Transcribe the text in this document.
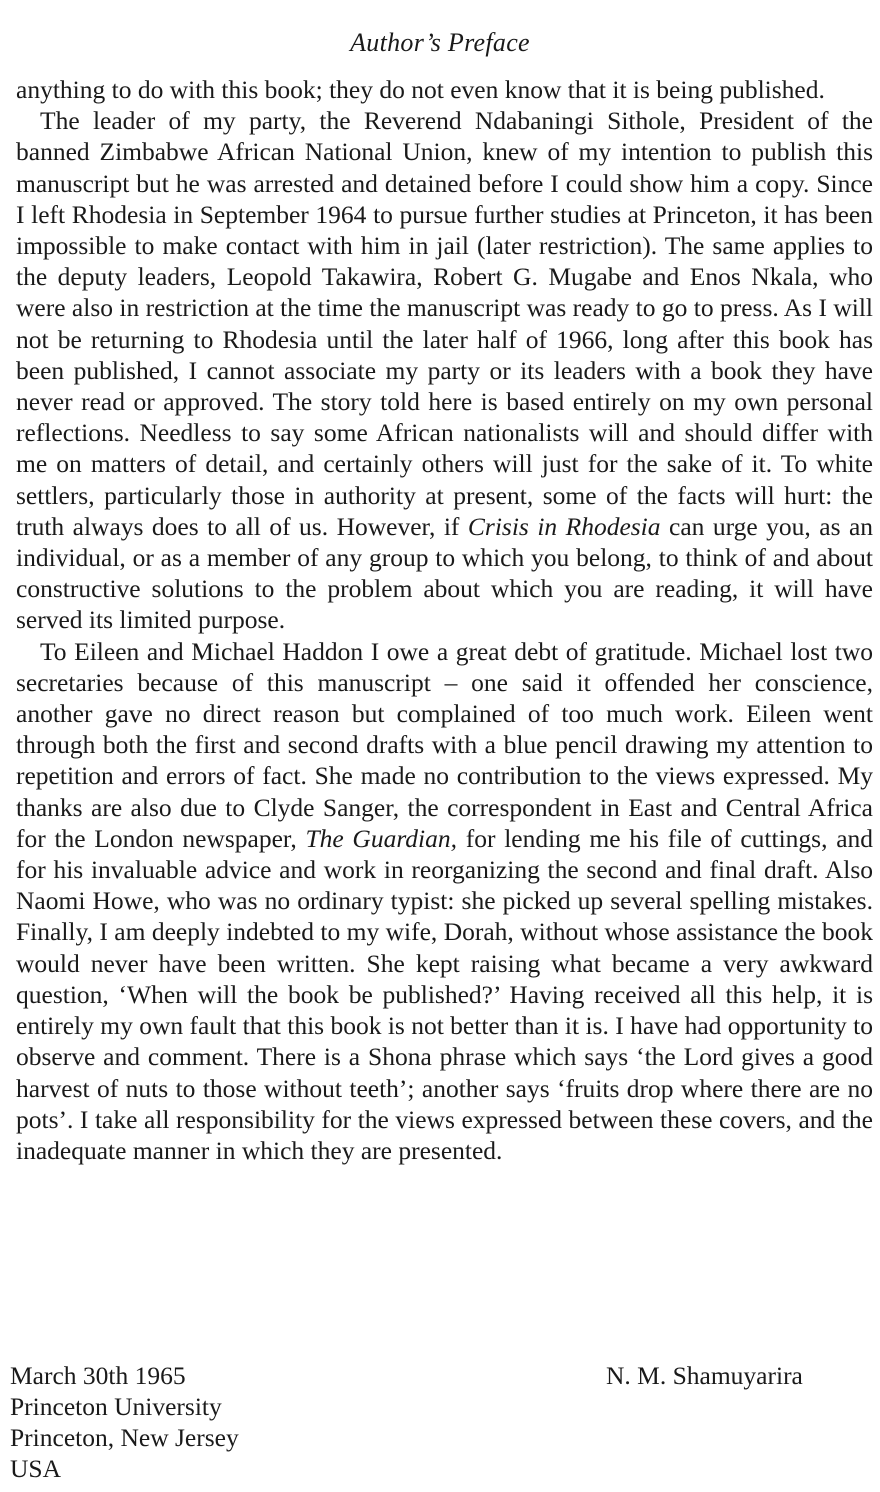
Author’s Preface

anything to do with this book; they do not even know that it is being published.

The leader of my party, the Reverend Ndabaningi Sithole, President of the banned Zimbabwe African National Union, knew of my intention to publish this manuscript but he was arrested and detained before I could show him a copy. Since I left Rhodesia in September 1964 to pursue further studies at Princeton, it has been impossible to make contact with him in jail (later restriction). The same applies to the deputy leaders, Leopold Takawira, Robert G. Mugabe and Enos Nkala, who were also in restriction at the time the manuscript was ready to go to press. As I will not be returning to Rhodesia until the later half of 1966, long after this book has been published, I cannot associate my party or its leaders with a book they have never read or approved. The story told here is based entirely on my own personal reflections. Needless to say some African nationalists will and should differ with me on matters of detail, and certainly others will just for the sake of it. To white settlers, particularly those in authority at present, some of the facts will hurt: the truth always does to all of us. However, if Crisis in Rhodesia can urge you, as an individual, or as a member of any group to which you belong, to think of and about constructive solutions to the problem about which you are reading, it will have served its limited purpose.

To Eileen and Michael Haddon I owe a great debt of gratitude. Michael lost two secretaries because of this manuscript – one said it offended her conscience, another gave no direct reason but complained of too much work. Eileen went through both the first and second drafts with a blue pencil drawing my attention to repetition and errors of fact. She made no contribution to the views expressed. My thanks are also due to Clyde Sanger, the correspondent in East and Central Africa for the London newspaper, The Guardian, for lending me his file of cuttings, and for his invaluable advice and work in reorganizing the second and final draft. Also Naomi Howe, who was no ordinary typist: she picked up several spelling mistakes. Finally, I am deeply indebted to my wife, Dorah, without whose assistance the book would never have been written. She kept raising what became a very awkward question, ‘When will the book be published?’ Having received all this help, it is entirely my own fault that this book is not better than it is. I have had opportunity to observe and comment. There is a Shona phrase which says ‘the Lord gives a good harvest of nuts to those without teeth’; another says ‘fruits drop where there are no pots’. I take all responsibility for the views expressed between these covers, and the inadequate manner in which they are presented.

March 30th 1965
Princeton University
Princeton, New Jersey
USA
N. M. Shamuyarira
